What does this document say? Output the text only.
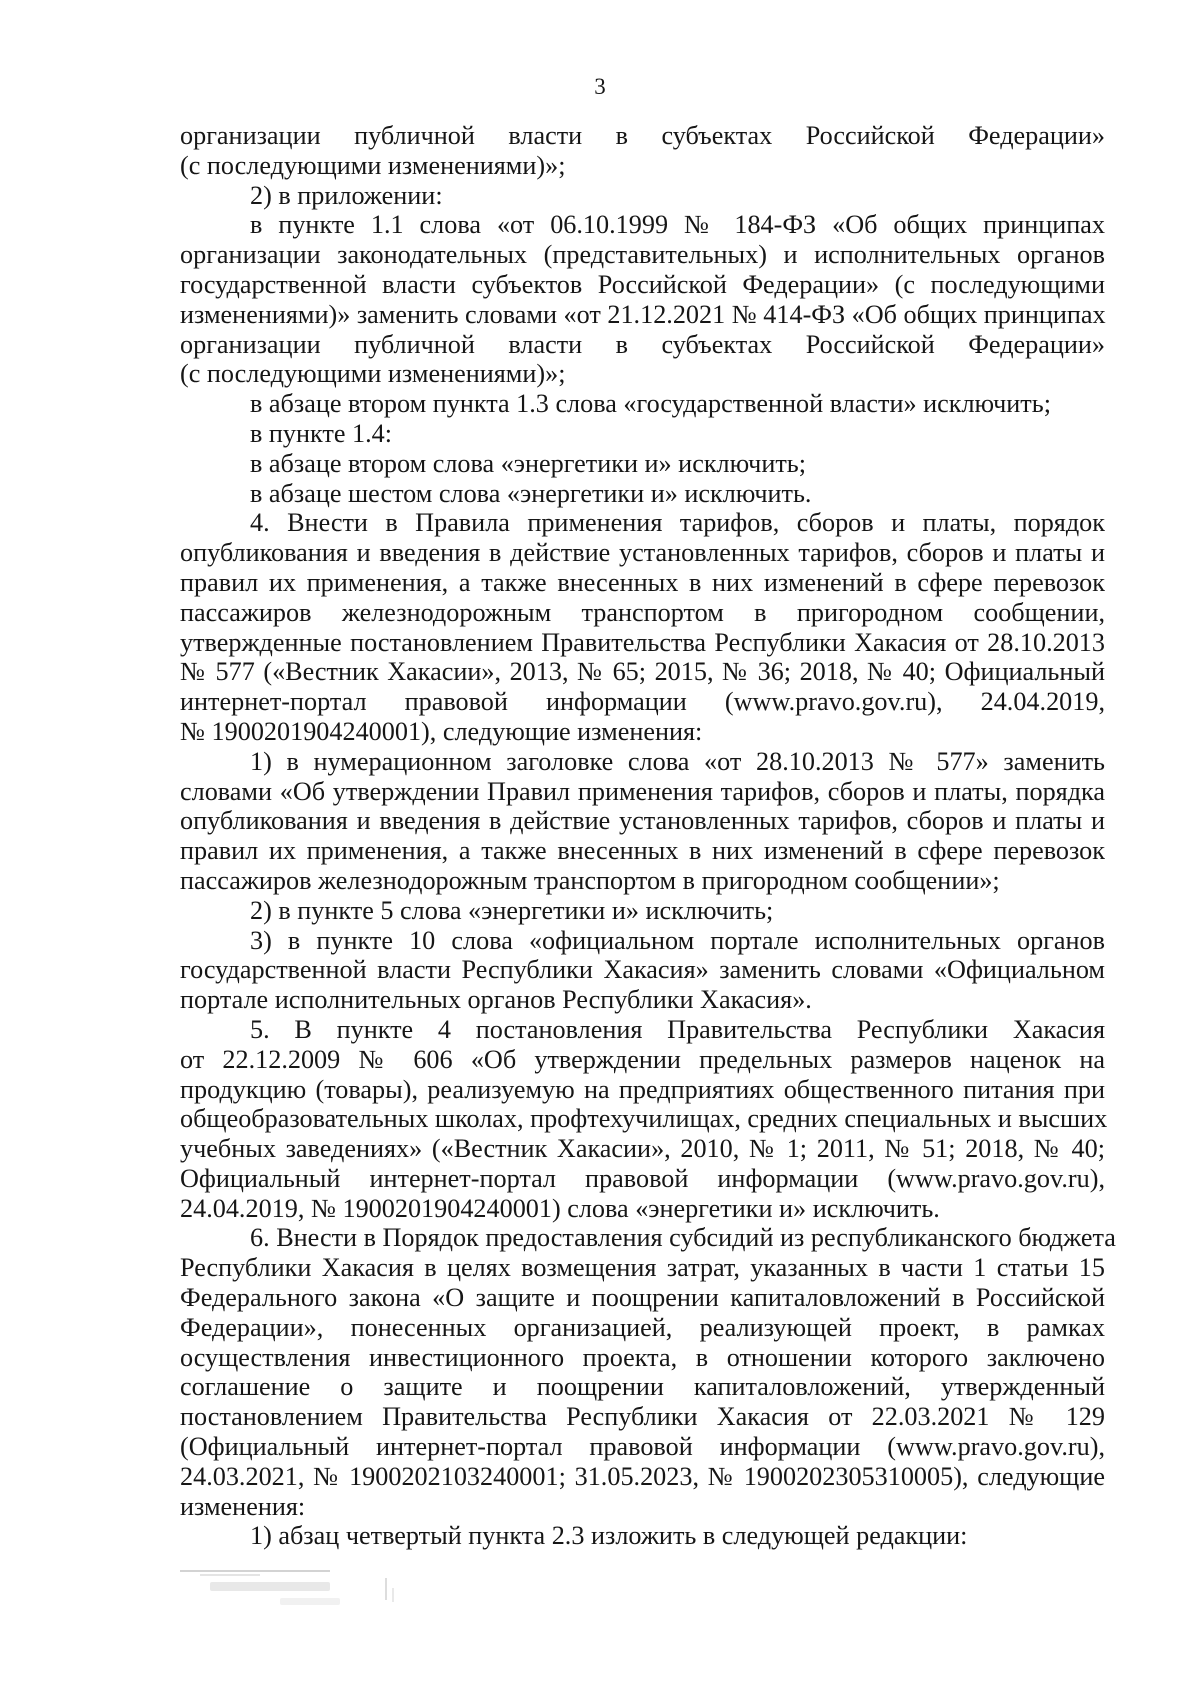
3
организации публичной власти в субъектах Российской Федерации»
(с последующими изменениями)»;
2) в приложении:
в пункте 1.1 слова «от 06.10.1999 № 184-ФЗ «Об общих принципах
организации законодательных (представительных) и исполнительных органов
государственной власти субъектов Российской Федерации» (с последующими
изменениями)» заменить словами «от 21.12.2021 № 414-ФЗ «Об общих принципах
организации публичной власти в субъектах Российской Федерации»
(с последующими изменениями)»;
в абзаце втором пункта 1.3 слова «государственной власти» исключить;
в пункте 1.4:
в абзаце втором слова «энергетики и» исключить;
в абзаце шестом слова «энергетики и» исключить.
4. Внести в Правила применения тарифов, сборов и платы, порядок
опубликования и введения в действие установленных тарифов, сборов и платы и
правил их применения, а также внесенных в них изменений в сфере перевозок
пассажиров железнодорожным транспортом в пригородном сообщении,
утвержденные постановлением Правительства Республики Хакасия от 28.10.2013
№ 577 («Вестник Хакасии», 2013, № 65; 2015, № 36; 2018, № 40; Официальный
интернет-портал правовой информации (www.pravo.gov.ru), 24.04.2019,
№ 1900201904240001), следующие изменения:
1) в нумерационном заголовке слова «от 28.10.2013 № 577» заменить
словами «Об утверждении Правил применения тарифов, сборов и платы, порядка
опубликования и введения в действие установленных тарифов, сборов и платы и
правил их применения, а также внесенных в них изменений в сфере перевозок
пассажиров железнодорожным транспортом в пригородном сообщении»;
2) в пункте 5 слова «энергетики и» исключить;
3) в пункте 10 слова «официальном портале исполнительных органов
государственной власти Республики Хакасия» заменить словами «Официальном
портале исполнительных органов Республики Хакасия».
5. В пункте 4 постановления Правительства Республики Хакасия
от 22.12.2009 № 606 «Об утверждении предельных размеров наценок на
продукцию (товары), реализуемую на предприятиях общественного питания при
общеобразовательных школах, профтехучилищах, средних специальных и высших
учебных заведениях» («Вестник Хакасии», 2010, № 1; 2011, № 51; 2018, № 40;
Официальный интернет-портал правовой информации (www.pravo.gov.ru),
24.04.2019, № 1900201904240001) слова «энергетики и» исключить.
6. Внести в Порядок предоставления субсидий из республиканского бюджета
Республики Хакасия в целях возмещения затрат, указанных в части 1 статьи 15
Федерального закона «О защите и поощрении капиталовложений в Российской
Федерации», понесенных организацией, реализующей проект, в рамках
осуществления инвестиционного проекта, в отношении которого заключено
соглашение о защите и поощрении капиталовложений, утвержденный
постановлением Правительства Республики Хакасия от 22.03.2021 № 129
(Официальный интернет-портал правовой информации (www.pravo.gov.ru),
24.03.2021, № 1900202103240001; 31.05.2023, № 1900202305310005), следующие
изменения:
1) абзац четвертый пункта 2.3 изложить в следующей редакции:
